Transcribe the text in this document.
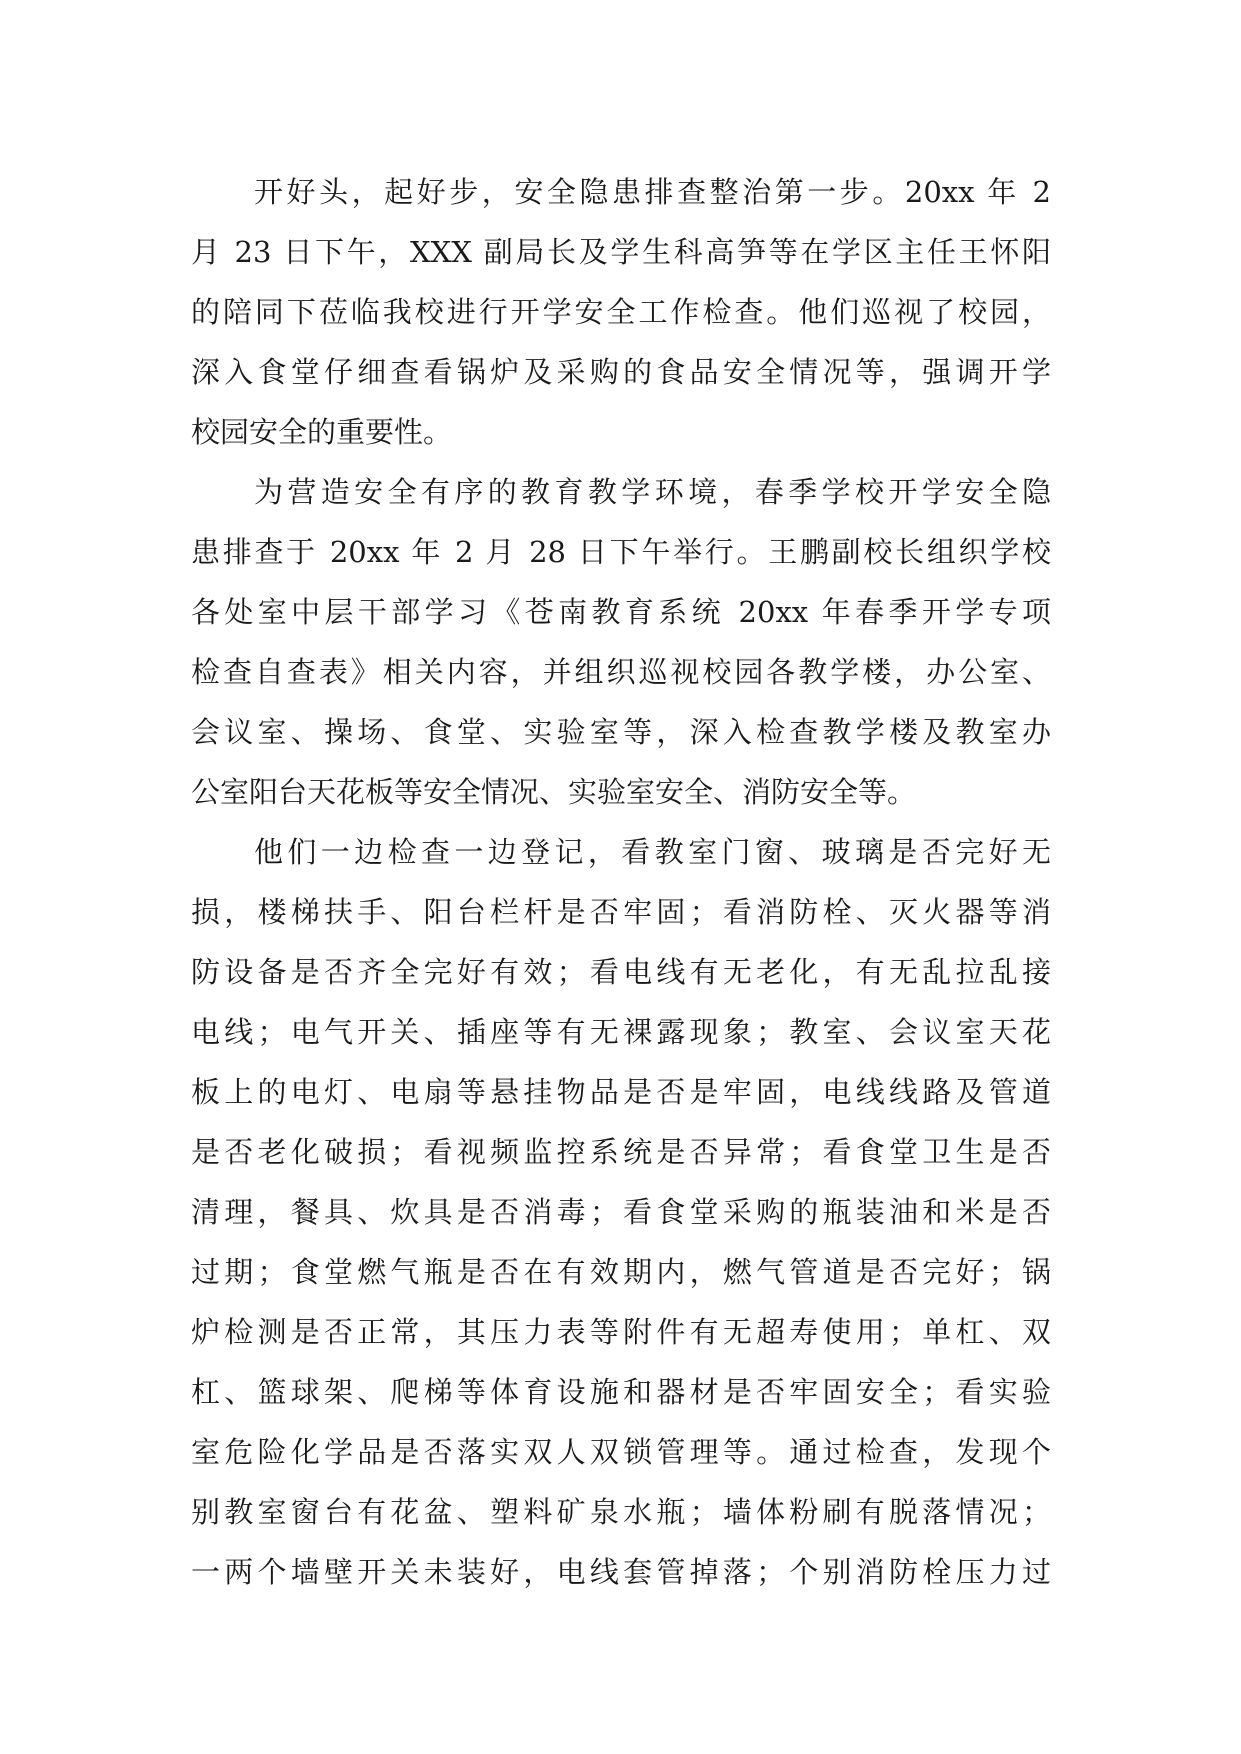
开好头，起好步，安全隐患排查整治第一步。20xx 年 2
月 23 日下午，XXX 副局长及学生科高笋等在学区主任王怀阳
的陪同下莅临我校进行开学安全工作检查。他们巡视了校园，
深入食堂仔细查看锅炉及采购的食品安全情况等，强调开学
校园安全的重要性。
为营造安全有序的教育教学环境，春季学校开学安全隐
患排查于 20xx 年 2 月 28 日下午举行。王鹏副校长组织学校
各处室中层干部学习《苍南教育系统 20xx 年春季开学专项
检查自查表》相关内容，并组织巡视校园各教学楼，办公室、
会议室、操场、食堂、实验室等，深入检查教学楼及教室办
公室阳台天花板等安全情况、实验室安全、消防安全等。
他们一边检查一边登记，看教室门窗、玻璃是否完好无
损，楼梯扶手、阳台栏杆是否牢固；看消防栓、灭火器等消
防设备是否齐全完好有效；看电线有无老化，有无乱拉乱接
电线；电气开关、插座等有无裸露现象；教室、会议室天花
板上的电灯、电扇等悬挂物品是否是牢固，电线线路及管道
是否老化破损；看视频监控系统是否异常；看食堂卫生是否
清理，餐具、炊具是否消毒；看食堂采购的瓶装油和米是否
过期；食堂燃气瓶是否在有效期内，燃气管道是否完好；锅
炉检测是否正常，其压力表等附件有无超寿使用；单杠、双
杠、篮球架、爬梯等体育设施和器材是否牢固安全；看实验
室危险化学品是否落实双人双锁管理等。通过检查，发现个
别教室窗台有花盆、塑料矿泉水瓶；墙体粉刷有脱落情况；
一两个墙壁开关未装好，电线套管掉落；个别消防栓压力过
